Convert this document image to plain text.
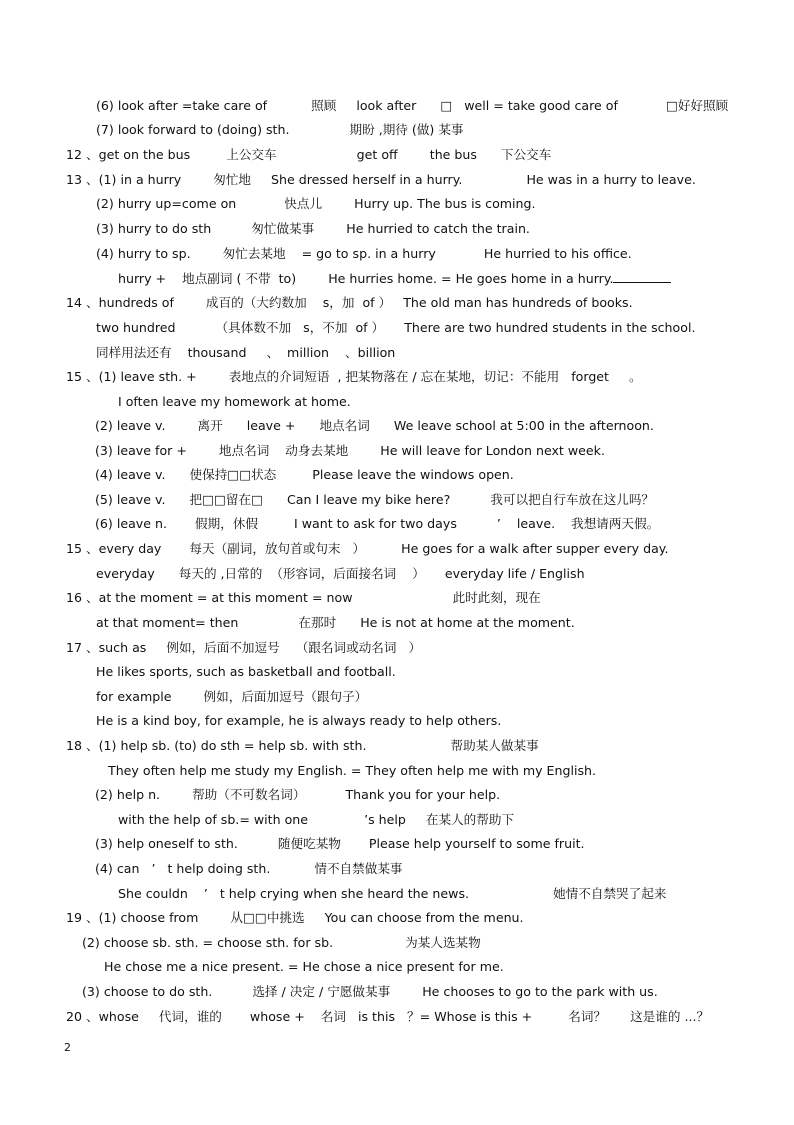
(6) look after =take care of           照顾     look after      □   well = take good care of            □好好照顾
(7) look forward to (doing) sth.               期盼 ,期待 (做) 某事
12 、get on the bus         上公交车                    get off        the bus      下公交车
13 、(1) in a hurry        匆忙地     She dressed herself in a hurry.                He was in a hurry to leave.
(2) hurry up=come on            快点儿        Hurry up. The bus is coming.
(3) hurry to do sth          匆忙做某事        He hurried to catch the train.
(4) hurry to sp.        匆忙去某地    = go to sp. in a hurry            He hurried to his office.
hurry +    地点副词 ( 不带  to)        He hurries home. = He goes home in a hurry.
14 、hundreds of        成百的（大约数加    s，加  of ）   The old man has hundreds of books.
two hundred          （具体数不加   s，不加  of ）     There are two hundred students in the school.
同样用法还有    thousand     、  million    、billion
15 、(1) leave sth. +        表地点的介词短语  , 把某物落在 / 忘在某地，切记：不能用   forget     。
I often leave my homework at home.
(2) leave v.        离开      leave +      地点名词      We leave school at 5:00 in the afternoon.
(3) leave for +        地点名词    动身去某地        He will leave for London next week.
(4) leave v.      使保持□□状态         Please leave the windows open.
(5) leave v.      把□□留在□      Can I leave my bike here?          我可以把自行车放在这儿吗？
(6) leave n.       假期，休假         I want to ask for two days          ’    leave.    我想请两天假。
15 、every day       每天（副词，放句首或句末   ）         He goes for a walk after supper every day.
everyday      每天的 ,日常的  （形容词，后面接名词    ）     everyday life / English
16 、at the moment = at this moment = now                         此时此刻，现在
at that moment= then               在那时      He is not at home at the moment.
17 、such as     例如，后面不加逗号    （跟名词或动名词   ）
He likes sports, such as basketball and football.
for example        例如，后面加逗号（跟句子）
He is a kind boy, for example, he is always ready to help others.
18 、(1) help sb. (to) do sth = help sb. with sth.                     帮助某人做某事
They often help me study my English. = They often help me with my English.
(2) help n.        帮助（不可数名词）          Thank you for your help.
with the help of sb.= with one              ’s help     在某人的帮助下
(3) help oneself to sth.          随便吃某物       Please help yourself to some fruit.
(4) can   ’   t help doing sth.           情不自禁做某事
She couldn    ’   t help crying when she heard the news.                     她情不自禁哭了起来
19 、(1) choose from        从□□中挑选     You can choose from the menu.
(2) choose sb. sth. = choose sth. for sb.                  为某人选某物
He chose me a nice present. = He chose a nice present for me.
(3) choose to do sth.          选择 / 决定 / 宁愿做某事        He chooses to go to the park with us.
20 、whose     代词，谁的       whose +    名词   is this   ？= Whose is this +         名词？      这是谁的 ...？
2
